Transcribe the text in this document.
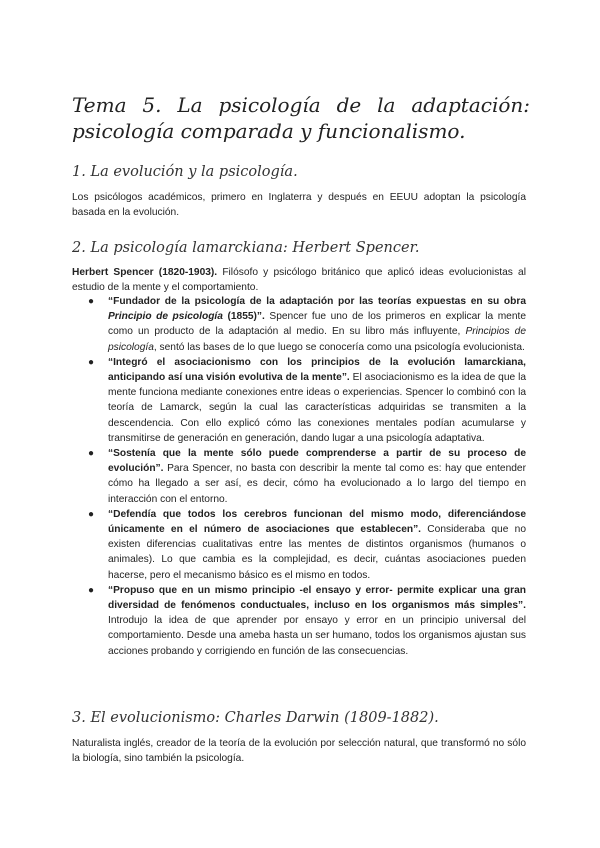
Tema 5. La psicología de la adaptación: psicología comparada y funcionalismo.
1. La evolución y la psicología.

Los psicólogos académicos, primero en Inglaterra y después en EEUU adoptan la psicología basada en la evolución.

2. La psicología lamarckiana: Herbert Spencer.

Herbert Spencer (1820-1903). Filósofo y psicólogo británico que aplicó ideas evolucionistas al estudio de la mente y el comportamiento.

● “Fundador de la psicología de la adaptación por las teorías expuestas en su obra Principio de psicología (1855)”. Spencer fue uno de los primeros en explicar la mente como un producto de la adaptación al medio. En su libro más influyente, Principios de psicología, sentó las bases de lo que luego se conocería como una psicología evolucionista.
● “Integró el asociacionismo con los principios de la evolución lamarckiana, anticipando así una visión evolutiva de la mente”. El asociacionismo es la idea de que la mente funciona mediante conexiones entre ideas o experiencias. Spencer lo combinó con la teoría de Lamarck, según la cual las características adquiridas se transmiten a la descendencia. Con ello explicó cómo las conexiones mentales podían acumularse y transmitirse de generación en generación, dando lugar a una psicología adaptativa.
● “Sostenía que la mente sólo puede comprenderse a partir de su proceso de evolución”. Para Spencer, no basta con describir la mente tal como es: hay que entender cómo ha llegado a ser así, es decir, cómo ha evolucionado a lo largo del tiempo en interacción con el entorno.
● “Defendía que todos los cerebros funcionan del mismo modo, diferenciándose únicamente en el número de asociaciones que establecen”. Consideraba que no existen diferencias cualitativas entre las mentes de distintos organismos (humanos o animales). Lo que cambia es la complejidad, es decir, cuántas asociaciones pueden hacerse, pero el mecanismo básico es el mismo en todos.
● “Propuso que en un mismo principio -el ensayo y error- permite explicar una gran diversidad de fenómenos conductuales, incluso en los organismos más simples”. Introdujo la idea de que aprender por ensayo y error en un principio universal del comportamiento. Desde una ameba hasta un ser humano, todos los organismos ajustan sus acciones probando y corrigiendo en función de las consecuencias.
3. El evolucionismo: Charles Darwin (1809-1882).

Naturalista inglés, creador de la teoría de la evolución por selección natural, que transformó no sólo la biología, sino también la psicología.
